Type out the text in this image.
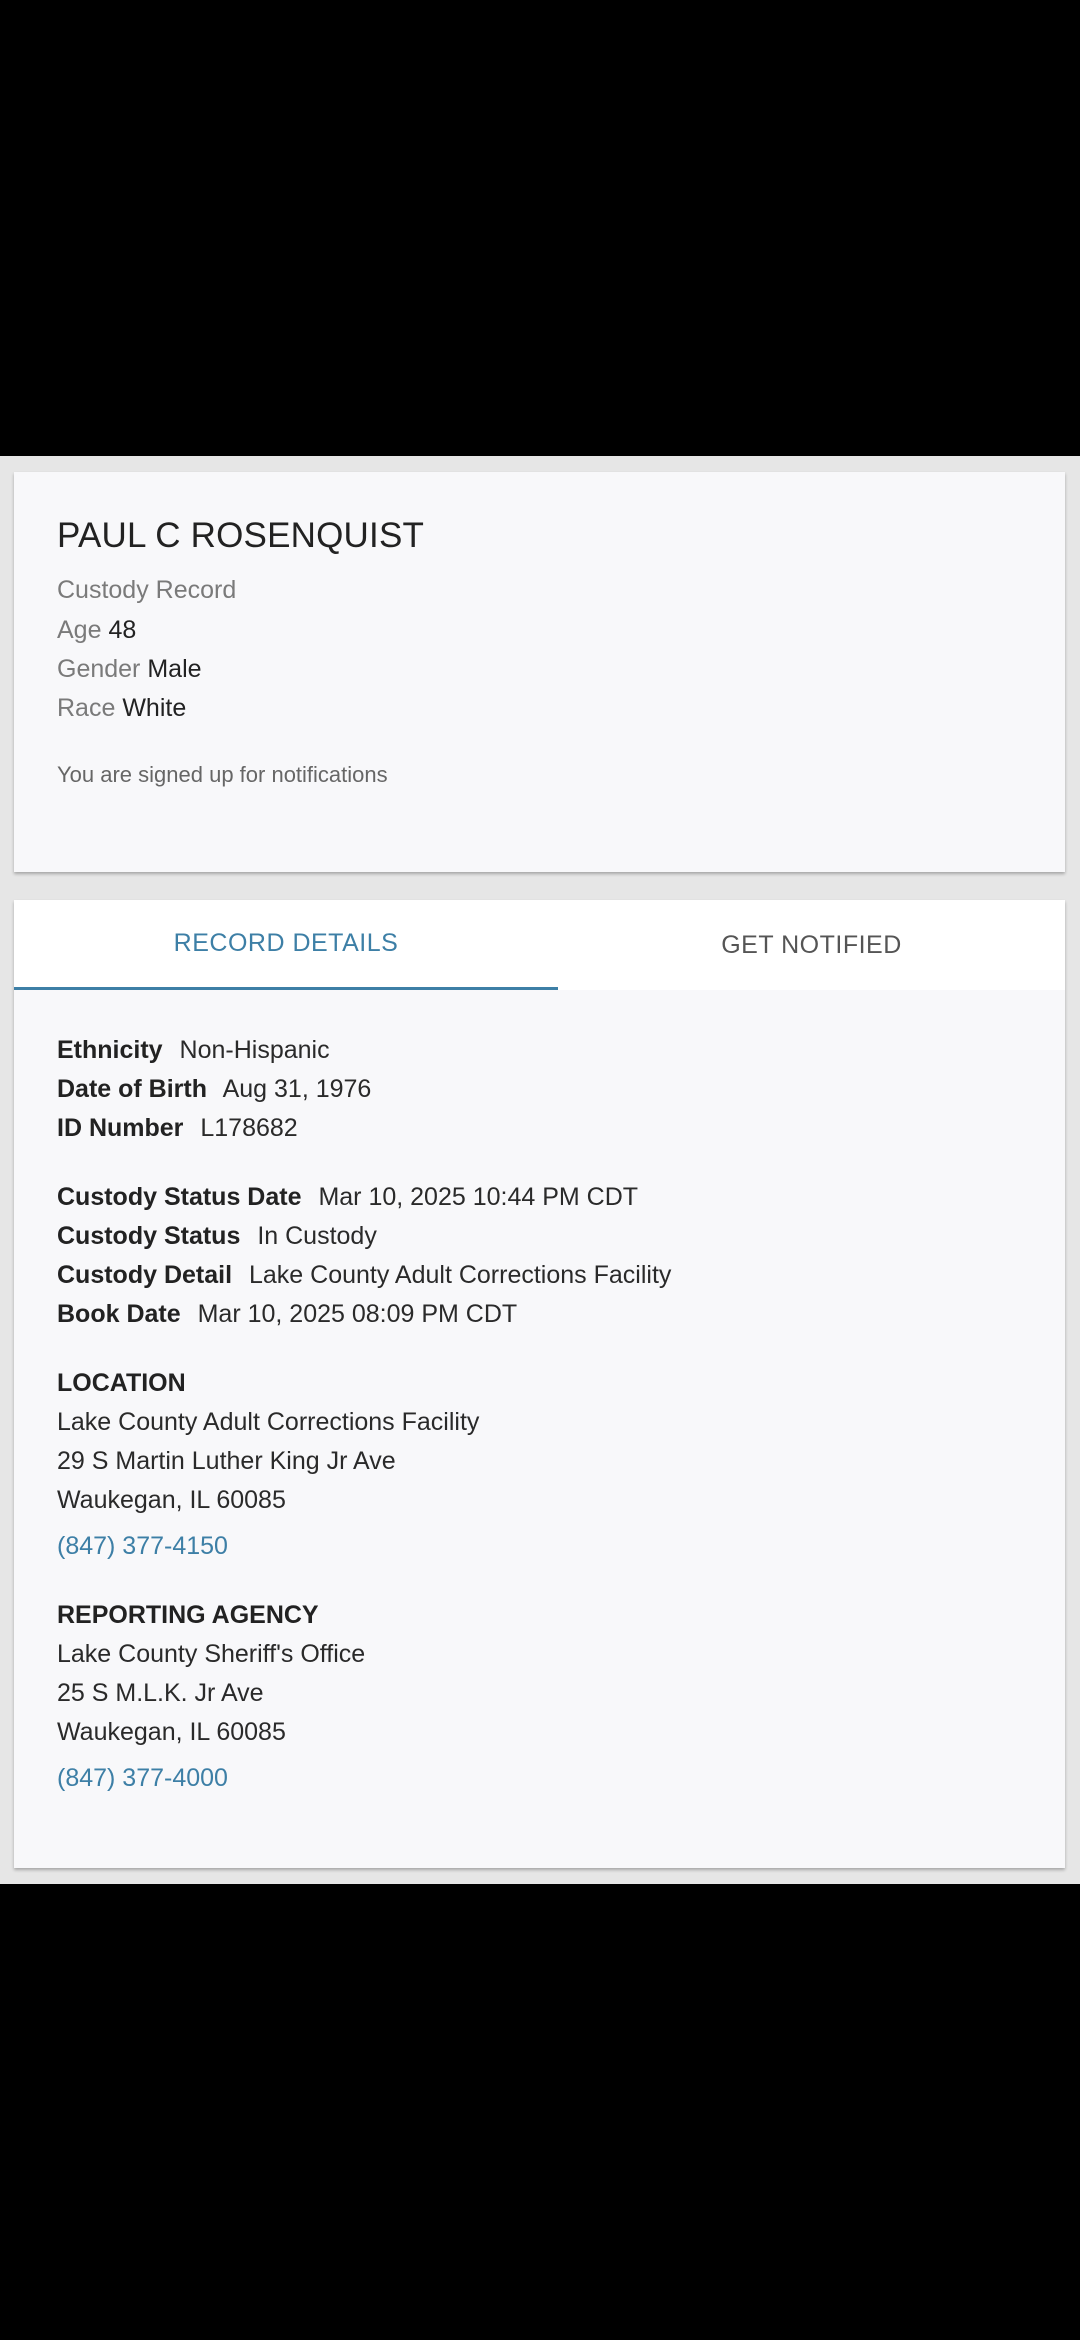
PAUL C ROSENQUIST
Custody Record
Age 48
Gender Male
Race White
You are signed up for notifications
RECORD DETAILS	GET NOTIFIED
Ethnicity Non-Hispanic
Date of Birth Aug 31, 1976
ID Number L178682
Custody Status Date Mar 10, 2025 10:44 PM CDT
Custody Status In Custody
Custody Detail Lake County Adult Corrections Facility
Book Date Mar 10, 2025 08:09 PM CDT
LOCATION
Lake County Adult Corrections Facility
29 S Martin Luther King Jr Ave
Waukegan, IL 60085
(847) 377-4150
REPORTING AGENCY
Lake County Sheriff's Office
25 S M.L.K. Jr Ave
Waukegan, IL 60085
(847) 377-4000
